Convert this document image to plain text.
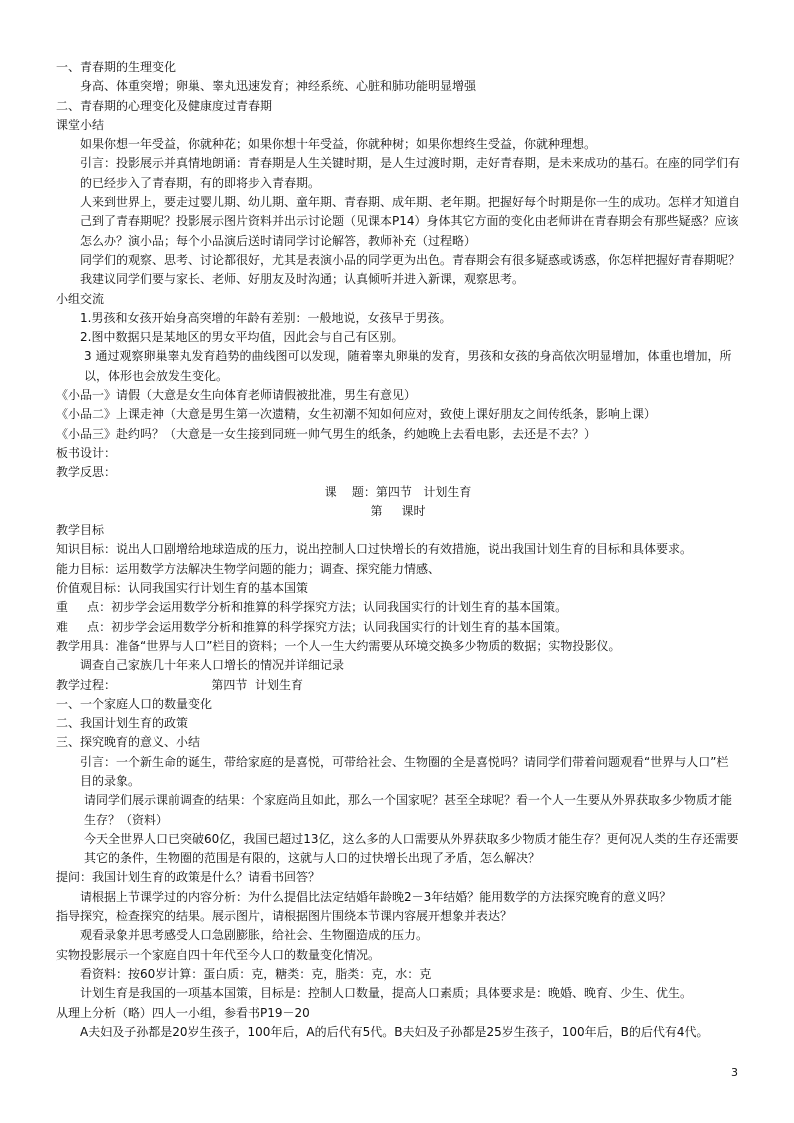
一、青春期的生理变化
身高、体重突增；卵巢、睾丸迅速发育；神经系统、心脏和肺功能明显增强
二、青春期的心理变化及健康度过青春期
课堂小结
如果你想一年受益，你就种花；如果你想十年受益，你就种树；如果你想终生受益，你就种理想。
引言：投影展示并真情地朗诵：青春期是人生关键时期，是人生过渡时期，走好青春期，是未来成功的基石。在座的同学们有的已经步入了青春期，有的即将步入青春期。
人来到世界上，要走过婴儿期、幼儿期、童年期、青春期、成年期、老年期。把握好每个时期是你一生的成功。怎样才知道自己到了青春期呢？投影展示图片资料并出示讨论题（见课本P14）身体其它方面的变化由老师讲在青春期会有那些疑惑？应该怎么办？演小品；每个小品演后送时请同学讨论解答，教师补充（过程略）
同学们的观察、思考、讨论都很好，尤其是表演小品的同学更为出色。青春期会有很多疑惑或诱惑，你怎样把握好青春期呢？我建议同学们要与家长、老师、好朋友及时沟通；认真倾听并进入新课，观察思考。
小组交流
1.男孩和女孩开始身高突增的年龄有差别：一般地说，女孩早于男孩。
2.图中数据只是某地区的男女平均值，因此会与自己有区别。
3 通过观察卵巢睾丸发育趋势的曲线图可以发现，随着睾丸卵巢的发育，男孩和女孩的身高依次明显增加，体重也增加，所以，体形也会放发生变化。
《小品一》请假（大意是女生向体育老师请假被批准，男生有意见）
《小品二》上课走神（大意是男生第一次遗精，女生初潮不知如何应对，致使上课好朋友之间传纸条，影响上课）
《小品三》赴约吗？（大意是一女生接到同班一帅气男生的纸条，约她晚上去看电影，去还是不去？）
板书设计：
教学反思：
课    题：第四节   计划生育
第     课时
教学目标
知识目标：说出人口剧增给地球造成的压力，说出控制人口过快增长的有效措施，说出我国计划生育的目标和具体要求。
能力目标：运用数学方法解决生物学问题的能力；调查、探究能力情感、
价值观目标：认同我国实行计划生育的基本国策
重     点：初步学会运用数学分析和推算的科学探究方法；认同我国实行的计划生育的基本国策。
难     点：初步学会运用数学分析和推算的科学探究方法；认同我国实行的计划生育的基本国策。
教学用具：准备“世界与人口”栏目的资料；一个人一生大约需要从环境交换多少物质的数据；实物投影仪。
调查自己家族几十年来人口增长的情况并详细记录
教学过程：                         第四节  计划生育
一、一个家庭人口的数量变化
二、我国计划生育的政策
三、探究晚育的意义、小结
引言：一个新生命的诞生，带给家庭的是喜悦，可带给社会、生物圈的全是喜悦吗？请同学们带着问题观看“世界与人口”栏目的录象。
请同学们展示课前调查的结果：个家庭尚且如此，那么一个国家呢？甚至全球呢？看一个人一生要从外界获取多少物质才能生存？（资料）
今天全世界人口已突破60亿，我国已超过13亿，这么多的人口需要从外界获取多少物质才能生存？更何况人类的生存还需要其它的条件，生物圈的范围是有限的，这就与人口的过快增长出现了矛盾，怎么解决？
提问：我国计划生育的政策是什么？请看书回答？
请根据上节课学过的内容分析：为什么提倡比法定结婚年龄晚2－3年结婚？能用数学的方法探究晚育的意义吗？
指导探究，检查探究的结果。展示图片，请根据图片围绕本节课内容展开想象并表达？
观看录象并思考感受人口急剧膨胀，给社会、生物圈造成的压力。
实物投影展示一个家庭自四十年代至今人口的数量变化情况。
看资料：按60岁计算：蛋白质：克，糖类：克，脂类：克，水：克
计划生育是我国的一项基本国策，目标是：控制人口数量，提高人口素质；具体要求是：晚婚、晚育、少生、优生。
从理上分析（略）四人一小组，参看书P19－20
A夫妇及子孙都是20岁生孩子，100年后，A的后代有5代。B夫妇及子孙都是25岁生孩子，100年后，B的后代有4代。
3
